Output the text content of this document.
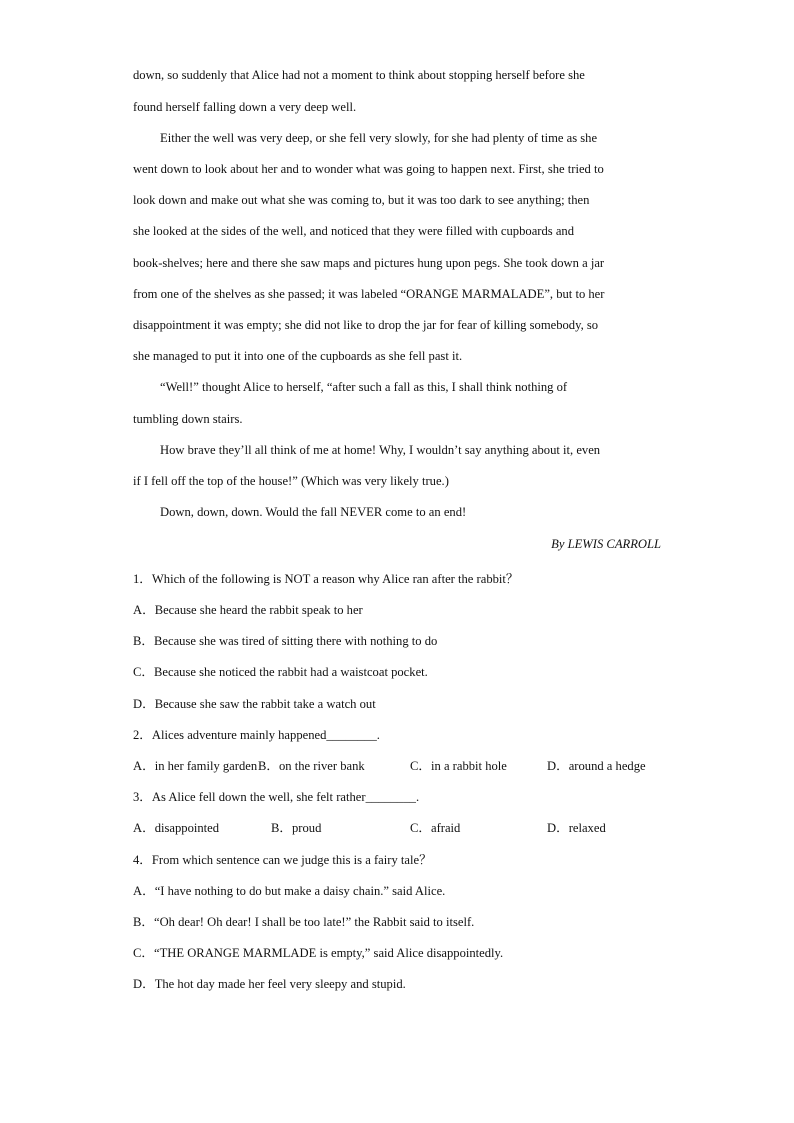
down, so suddenly that Alice had not a moment to think about stopping herself before she
found herself falling down a very deep well.
Either the well was very deep, or she fell very slowly, for she had plenty of time as she
went down to look about her and to wonder what was going to happen next. First, she tried to
look down and make out what she was coming to, but it was too dark to see anything; then
she looked at the sides of the well, and noticed that they were filled with cupboards and
book-shelves; here and there she saw maps and pictures hung upon pegs. She took down a jar
from one of the shelves as she passed; it was labeled “ORANGE MARMALADE”, but to her
disappointment it was empty; she did not like to drop the jar for fear of killing somebody, so
she managed to put it into one of the cupboards as she fell past it.
“Well!” thought Alice to herself, “after such a fall as this, I shall think nothing of
tumbling down stairs.
How brave they’ll all think of me at home! Why, I wouldn’t say anything about it, even
if I fell off the top of the house!” (Which was very likely true.)
Down, down, down. Would the fall NEVER come to an end!
By LEWIS CARROLL
1．Which of the following is NOT a reason why Alice ran after the rabbit？
A．Because she heard the rabbit speak to her
B．Because she was tired of sitting there with nothing to do
C．Because she noticed the rabbit had a waistcoat pocket.
D．Because she saw the rabbit take a watch out
2．Alices adventure mainly happened________.
A．in her family garden B．on the river bank	C．in a rabbit hole	D．around a hedge
3．As Alice fell down the well, she felt rather________.
A．disappointed	B．proud	C．afraid	D．relaxed
4．From which sentence can we judge this is a fairy tale？
A．“I have nothing to do but make a daisy chain.” said Alice.
B．“Oh dear! Oh dear! I shall be too late!” the Rabbit said to itself.
C．“THE ORANGE MARMLADE is empty,” said Alice disappointedly.
D．The hot day made her feel very sleepy and stupid.
